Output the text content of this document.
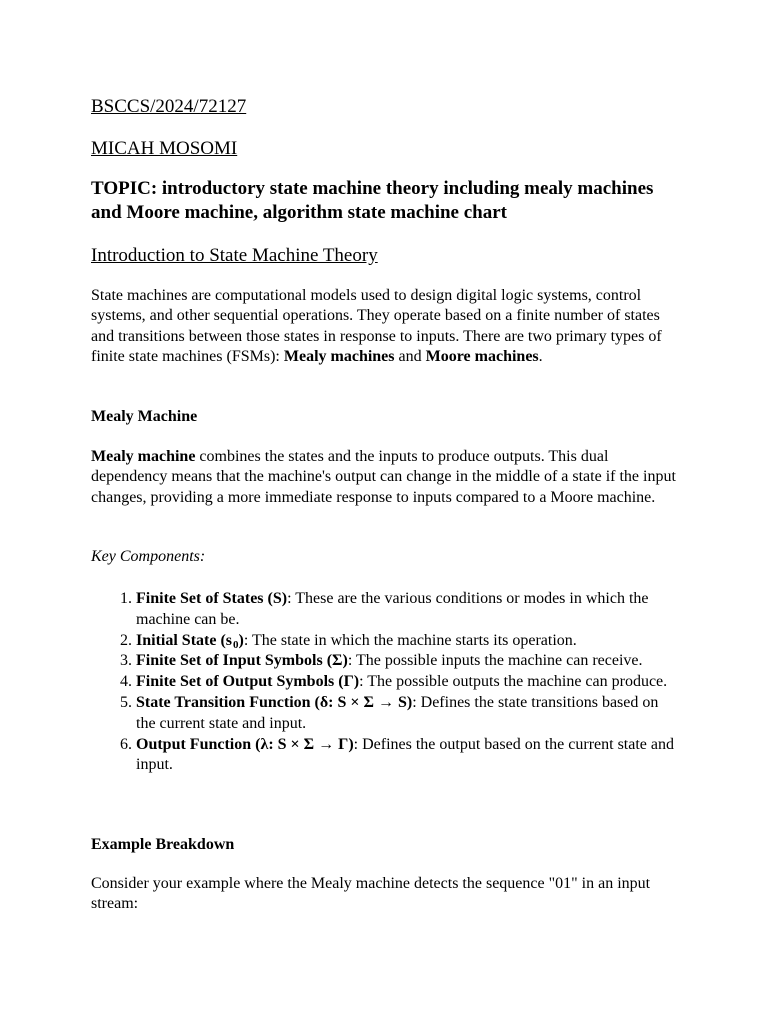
BSCCS/2024/72127
MICAH MOSOMI
TOPIC: introductory state machine theory including mealy machines and Moore machine, algorithm state machine chart
Introduction to State Machine Theory
State machines are computational models used to design digital logic systems, control systems, and other sequential operations. They operate based on a finite number of states and transitions between those states in response to inputs. There are two primary types of finite state machines (FSMs): Mealy machines and Moore machines.
Mealy Machine
Mealy machine combines the states and the inputs to produce outputs. This dual dependency means that the machine's output can change in the middle of a state if the input changes, providing a more immediate response to inputs compared to a Moore machine.
Key Components:
1. Finite Set of States (S): These are the various conditions or modes in which the machine can be.
2. Initial State $(s_0)$: The state in which the machine starts its operation.
3. Finite Set of Input Symbols (Σ): The possible inputs the machine can receive.
4. Finite Set of Output Symbols (Γ): The possible outputs the machine can produce.
5. State Transition Function (δ: S × Σ → S): Defines the state transitions based on the current state and input.
6. Output Function (λ: S × Σ → Γ): Defines the output based on the current state and input.
Example Breakdown
Consider your example where the Mealy machine detects the sequence "01" in an input stream:
